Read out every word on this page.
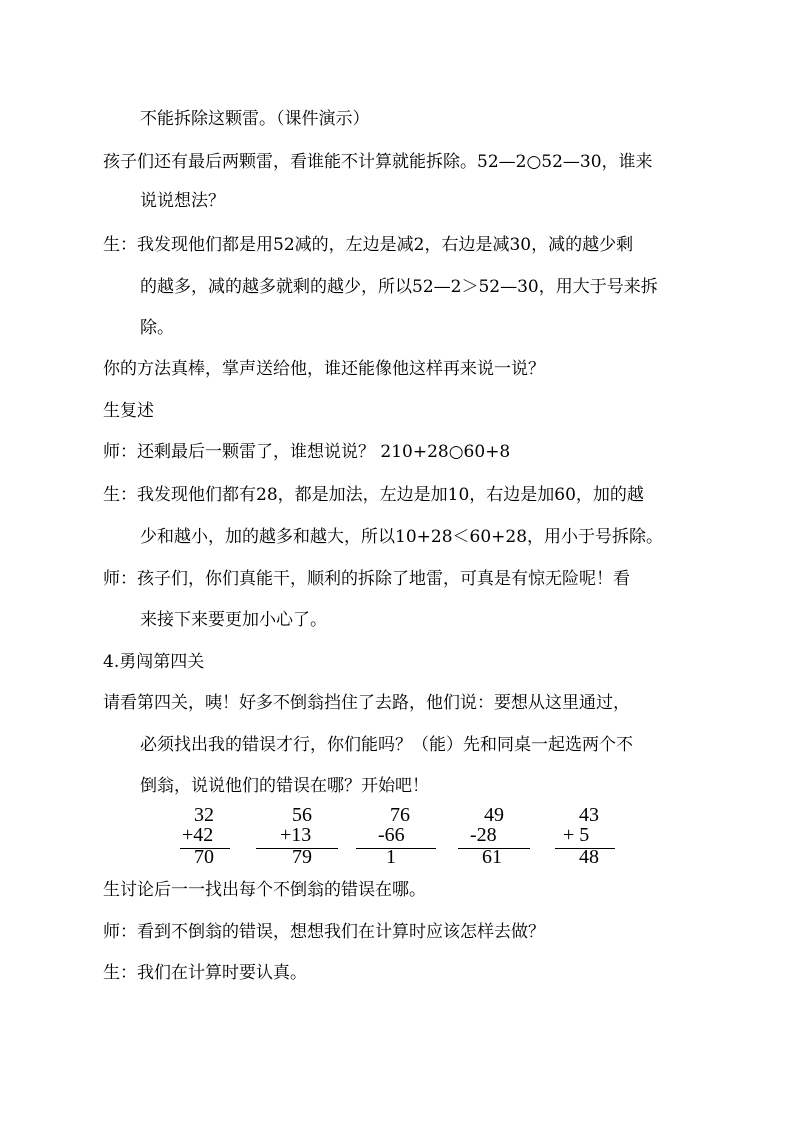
不能拆除这颗雷。（课件演示）
孩子们还有最后两颗雷，看谁能不计算就能拆除。52—2○52—30，谁来
说说想法？
生：我发现他们都是用52减的，左边是减2，右边是减30，减的越少剩
的越多，减的越多就剩的越少，所以52—2＞52—30，用大于号来拆
除。
你的方法真棒，掌声送给他，谁还能像他这样再来说一说？
生复述
师：还剩最后一颗雷了，谁想说说？ 210+28○60+8
生：我发现他们都有28，都是加法，左边是加10，右边是加60，加的越
少和越小，加的越多和越大，所以10+28＜60+28，用小于号拆除。
师：孩子们，你们真能干，顺利的拆除了地雷，可真是有惊无险呢！看
来接下来要更加小心了。
4.勇闯第四关
请看第四关，咦！好多不倒翁挡住了去路，他们说：要想从这里通过，
必须找出我的错误才行，你们能吗？（能）先和同桌一起选两个不
倒翁，说说他们的错误在哪？开始吧！
32
+42
70
56
+13
79
76
-66
1
49
-28
61
43
+ 5
48
生讨论后一一找出每个不倒翁的错误在哪。
师：看到不倒翁的错误，想想我们在计算时应该怎样去做？
生：我们在计算时要认真。
